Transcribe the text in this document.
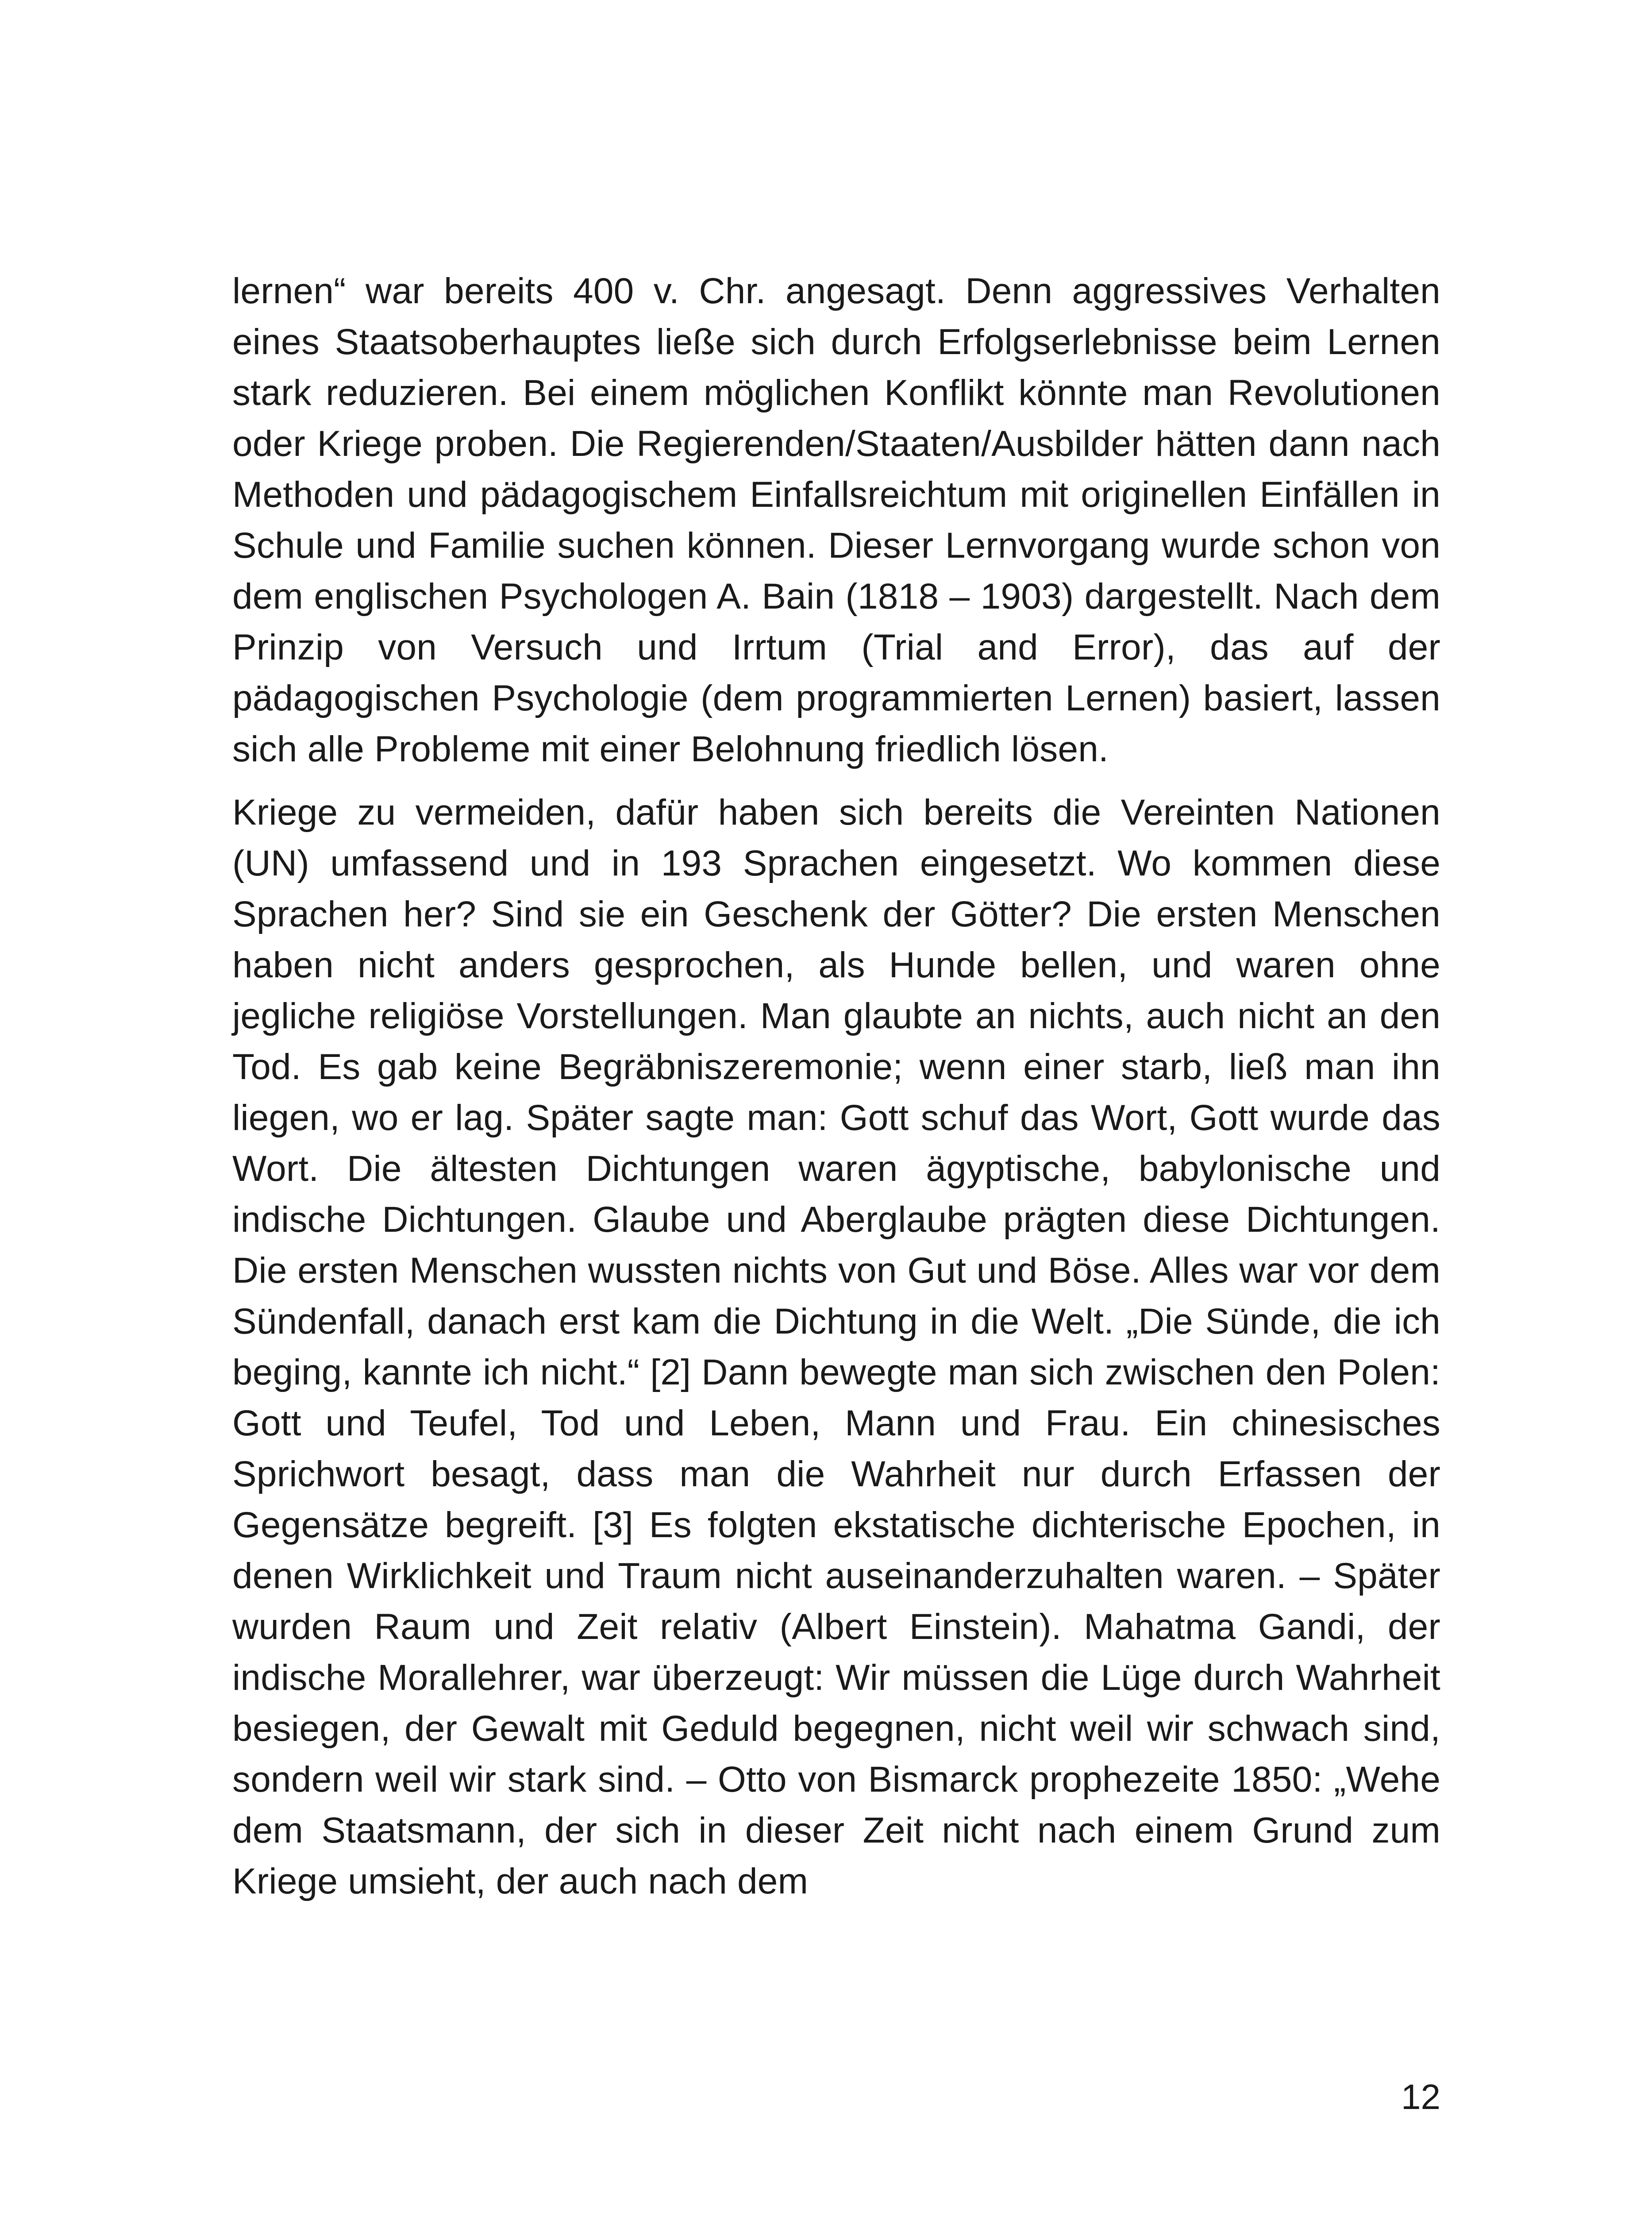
lernen“ war bereits 400 v. Chr. angesagt. Denn aggressives Verhalten eines Staatsoberhauptes ließe sich durch Erfolgserlebnisse beim Lernen stark reduzieren. Bei einem möglichen Konflikt könnte man Revolutionen oder Kriege proben. Die Regierenden/Staaten/Ausbilder hätten dann nach Methoden und pädagogischem Einfallsreichtum mit originellen Einfällen in Schule und Familie suchen können. Dieser Lernvorgang wurde schon von dem englischen Psychologen A. Bain (1818 – 1903) dargestellt. Nach dem Prinzip von Versuch und Irrtum (Trial and Error), das auf der pädagogischen Psychologie (dem programmierten Lernen) basiert, lassen sich alle Probleme mit einer Belohnung friedlich lösen.

Kriege zu vermeiden, dafür haben sich bereits die Vereinten Nationen (UN) umfassend und in 193 Sprachen eingesetzt. Wo kommen diese Sprachen her? Sind sie ein Geschenk der Götter? Die ersten Menschen haben nicht anders gesprochen, als Hunde bellen, und waren ohne jegliche religiöse Vorstellungen. Man glaubte an nichts, auch nicht an den Tod. Es gab keine Begräbniszeremonie; wenn einer starb, ließ man ihn liegen, wo er lag. Später sagte man: Gott schuf das Wort, Gott wurde das Wort. Die ältesten Dichtungen waren ägyptische, babylonische und indische Dichtungen. Glaube und Aberglaube prägten diese Dichtungen. Die ersten Menschen wussten nichts von Gut und Böse. Alles war vor dem Sündenfall, danach erst kam die Dichtung in die Welt. „Die Sünde, die ich beging, kannte ich nicht.“ [2] Dann bewegte man sich zwischen den Polen: Gott und Teufel, Tod und Leben, Mann und Frau. Ein chinesisches Sprichwort besagt, dass man die Wahrheit nur durch Erfassen der Gegensätze begreift. [3] Es folgten ekstatische dichterische Epochen, in denen Wirklichkeit und Traum nicht auseinanderzuhalten waren. – Später wurden Raum und Zeit relativ (Albert Einstein). Mahatma Gandi, der indische Morallehrer, war überzeugt: Wir müssen die Lüge durch Wahrheit besiegen, der Gewalt mit Geduld begegnen, nicht weil wir schwach sind, sondern weil wir stark sind. – Otto von Bismarck prophezeite 1850: „Wehe dem Staatsmann, der sich in dieser Zeit nicht nach einem Grund zum Kriege umsieht, der auch nach dem

12
